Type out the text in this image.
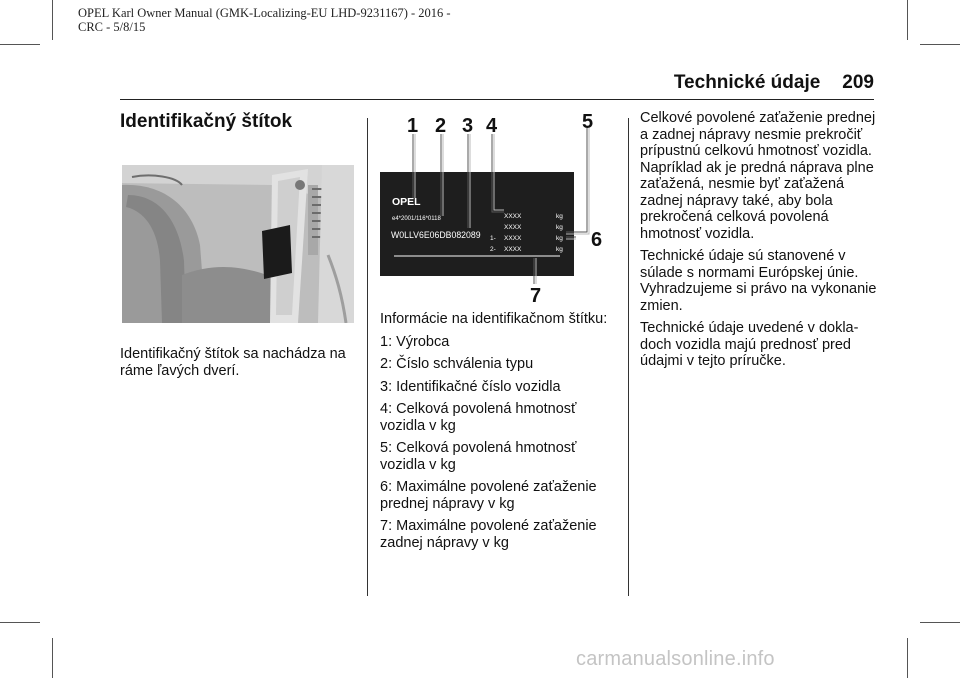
OPEL Karl Owner Manual (GMK-Localizing-EU LHD-9231167) - 2016 -
CRC - 5/8/15
Technické údaje 209
Identifikačný štítok

Identifikačný štítok sa nachádza na ráme ľavých dverí.

OPEL
e4*2001/116*0118
W0LLV6E06DB082089
XXXX
XXXX
XXXX
XXXX
kg
kg
kg
kg
1-
2-
1 2 3 4	5
6
7

Informácie na identifikačnom štítku:

1: Výrobca

2: Číslo schválenia typu

3: Identifikačné číslo vozidla

4: Celková povolená hmotnosť vozidla v kg

5: Celková povolená hmotnosť vozidla v kg

6: Maximálne povolené zaťaženie prednej nápravy v kg

7: Maximálne povolené zaťaženie zadnej nápravy v kg

Celkové povolené zaťaženie prednej a zadnej nápravy nesmie prekročiť prípustnú celkovú hmotnosť vozidla. Napríklad ak je predná náprava plne zaťažená, nesmie byť zaťažená zadnej nápravy také, aby bola prekročená celková povolená hmotnosť vozidla.

Technické údaje sú stanovené v súlade s normami Európskej únie. Vyhradzujeme si právo na vykonanie zmien.

Technické údaje uvedené v dokla-doch vozidla majú prednosť pred údajmi v tejto príručke.

carmanualsonline.info
